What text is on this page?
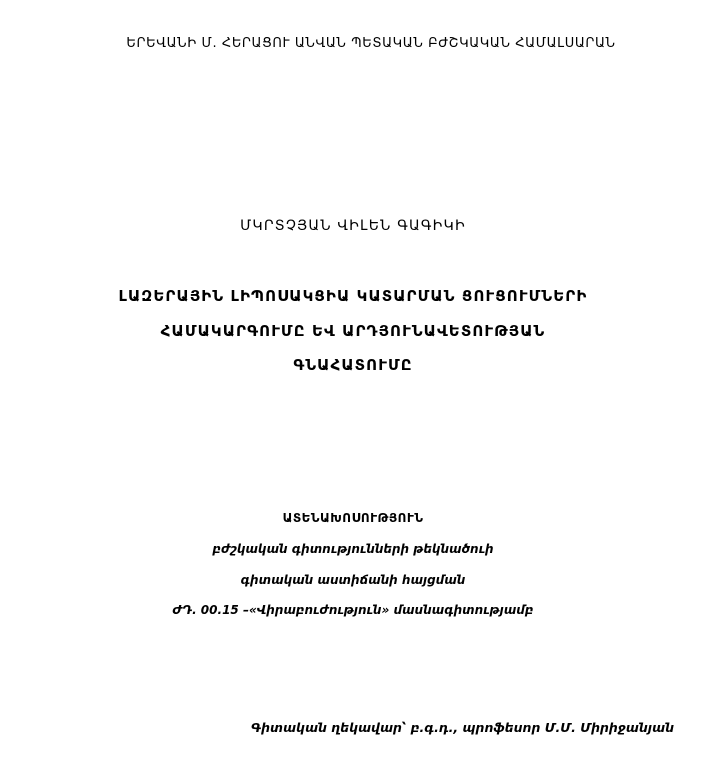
ԵՐԵՎԱՆԻ Մ. ՀԵՐԱՑՈՒ ԱՆՎԱՆ ՊԵՏԱԿԱՆ ԲԺՇԿԱԿԱՆ ՀԱՄԱԼՍԱՐԱՆ
ՄԿՐՏՉՅԱՆ ՎԻԼԵՆ ԳԱԳԻԿԻ
ԼԱԶԵՐԱՅԻՆ ԼԻՊՈՍԱԿՑԻԱ ԿԱՏԱՐՄԱՆ ՑՈՒՑՈՒՄՆԵՐԻ
ՀԱՄԱԿԱՐԳՈՒՄԸ ԵՎ ԱՐԴՅՈՒՆԱՎԵՏՈՒԹՅԱՆ
ԳՆԱՀԱՏՈՒՄԸ
ԱՏԵՆԱԽՈՍՈՒԹՅՈՒՆ
բժշկական գիտությունների թեկնածուի
գիտական աստիճանի հայցման
ԺԴ. 00.15 –«Վիրաբուժություն» մասնագիտությամբ
Գիտական ղեկավար՝ բ.գ.դ., պրոֆեսոր Մ.Մ. Միրիջանյան
